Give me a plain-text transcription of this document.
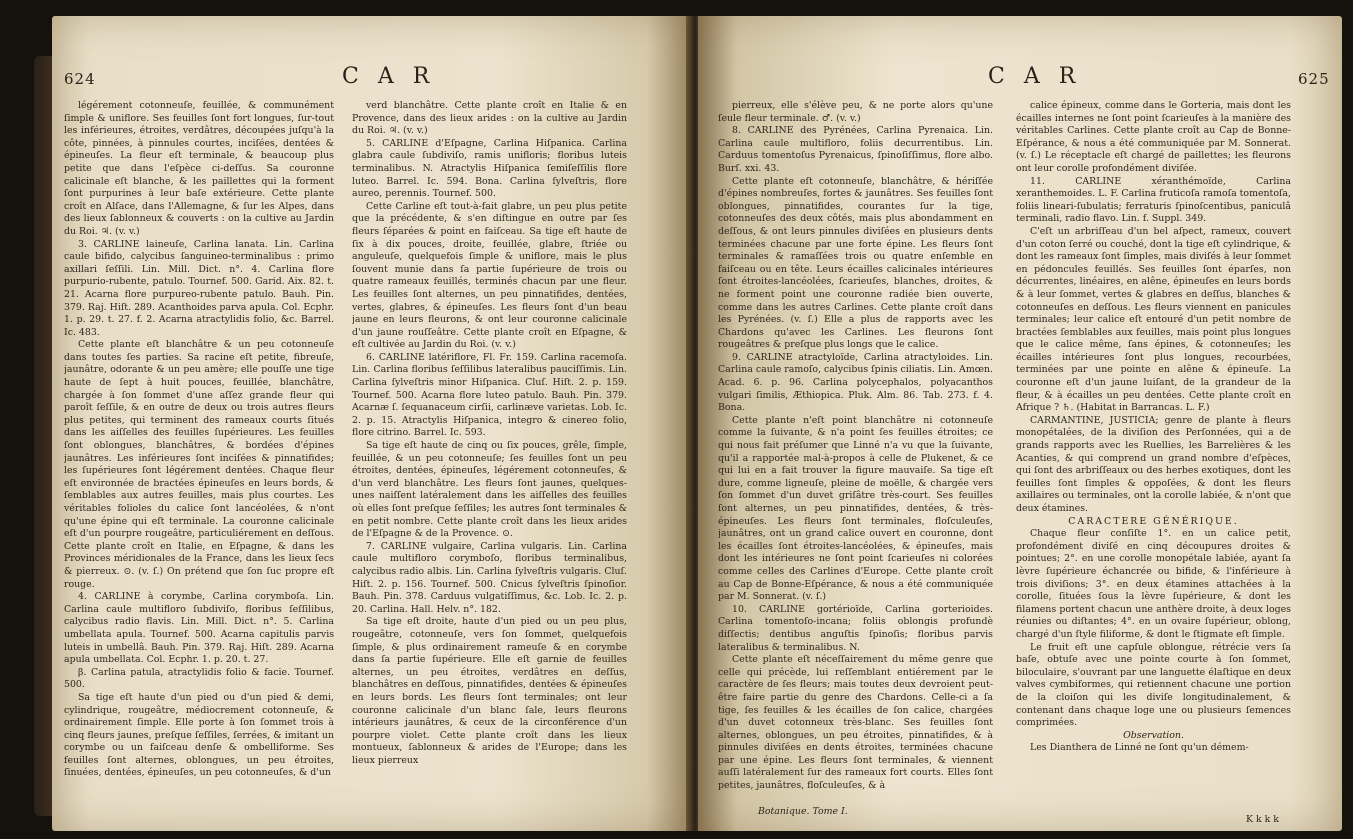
624	C A R

légérement cotonneuſe, feuillée, & communément ſimple & uniflore. Ses feuilles ſont fort longues, ſur-tout les inférieures, étroites, verdâtres, découpées juſqu'à la côte, pinnées, à pinnules courtes, inciſées, dentées & épineuſes. La fleur eſt terminale, & beaucoup plus petite que dans l'eſpèce ci-deſſus. Sa couronne calicinale eſt blanche, & les paillettes qui la forment ſont purpurines à leur baſe extérieure. Cette plante croît en Alſace, dans l'Allemagne, & ſur les Alpes, dans des lieux ſablonneux & couverts : on la cultive au Jardin du Roi. ♃. (v. v.)

3. CARLINE laineuſe, Carlina lanata. Lin. Carlina caule bifido, calycibus ſanguineo-terminalibus : primo axillari ſeſſili. Lin. Mill. Dict. n°. 4. Carlina flore purpurio-rubente, patulo. Tournef. 500. Garid. Aix. 82. t. 21. Acarna flore purpureo-rubente patulo. Bauh. Pin. 379. Raj. Hiſt. 289. Acanthoides parva apula. Col. Ecphr. 1. p. 29. t. 27. f. 2. Acarna atractylidis folio, &c. Barrel. Ic. 483.

Cette plante eſt blanchâtre & un peu cotonneuſe dans toutes ſes parties. Sa racine eſt petite, fibreuſe, jaunâtre, odorante & un peu amère; elle pouſſe une tige haute de ſept à huit pouces, feuillée, blanchâtre, chargée à ſon ſommet d'une aſſez grande fleur qui paroît ſeſſile, & en outre de deux ou trois autres fleurs plus petites, qui terminent des rameaux courts ſitués dans les aiſſelles des feuilles ſupérieures. Les feuilles ſont oblongues, blanchâtres, & bordées d'épines jaunâtres. Les inférieures ſont inciſées & pinnatifides; les ſupérieures ſont légérement dentées. Chaque fleur eſt environnée de bractées épineuſes en leurs bords, & ſemblables aux autres feuilles, mais plus courtes. Les véritables folioles du calice ſont lancéolées, & n'ont qu'une épine qui eſt terminale. La couronne calicinale eſt d'un pourpre rougeâtre, particuliérement en deſſous. Cette plante croît en Italie, en Eſpagne, & dans les Provinces méridionales de la France, dans les lieux ſecs & pierreux. ⊙. (v. ſ.) On prétend que ſon ſuc propre eſt rouge.

4. CARLINE à corymbe, Carlina corymboſa. Lin. Carlina caule multifloro ſubdiviſo, floribus ſeſſilibus, calycibus radio flavis. Lin. Mill. Dict. n°. 5. Carlina umbellata apula. Tournef. 500. Acarna capitulis parvis luteis in umbellâ. Bauh. Pin. 379. Raj. Hiſt. 289. Acarna apula umbellata. Col. Ecphr. 1. p. 20. t. 27.

β. Carlina patula, atractylidis folio & facie. Tournef. 500.

Sa tige eſt haute d'un pied ou d'un pied & demi, cylindrique, rougeâtre, médiocrement cotonneuſe, & ordinairement ſimple. Elle porte à ſon ſommet trois à cinq fleurs jaunes, preſque ſeſſiles, ſerrées, & imitant un corymbe ou un faiſceau denſe & ombelliforme. Ses feuilles ſont alternes, oblongues, un peu étroites, ſinuées, dentées, épineuſes, un peu cotonneuſes, & d'un

verd blanchâtre. Cette plante croît en Italie & en Provence, dans des lieux arides : on la cultive au Jardin du Roi. ♃. (v. v.)

5. CARLINE d'Eſpagne, Carlina Hiſpanica. Carlina glabra caule ſubdiviſo, ramis unifloris; floribus luteis terminalibus. N. Atractylis Hiſpanica ſemiſeſſilis flore luteo. Barrel. Ic. 594. Bona. Carlina ſylveſtris, flore aureo, perennis. Tournef. 500.

Cette Carline eſt tout-à-fait glabre, un peu plus petite que la précédente, & s'en diſtingue en outre par ſes fleurs ſéparées & point en faiſceau. Sa tige eſt haute de ſix à dix pouces, droite, feuillée, glabre, ſtriée ou anguleuſe, quelquefois ſimple & uniflore, mais le plus ſouvent munie dans ſa partie ſupérieure de trois ou quatre rameaux feuillés, terminés chacun par une fleur. Les feuilles ſont alternes, un peu pinnatifides, dentées, vertes, glabres, & épineuſes. Les fleurs ſont d'un beau jaune en leurs fleurons, & ont leur couronne calicinale d'un jaune rouſſeâtre. Cette plante croît en Eſpagne, & eſt cultivée au Jardin du Roi. (v. v.)

6. CARLINE latériflore, Fl. Fr. 159. Carlina racemoſa. Lin. Carlina floribus ſeſſilibus lateralibus pauciſſimis. Lin. Carlina ſylveſtris minor Hiſpanica. Cluſ. Hiſt. 2. p. 159. Tournef. 500. Acarna flore luteo patulo. Bauh. Pin. 379. Acarnæ ſ. ſequanaceum cirſii, carlinæve varietas. Lob. Ic. 2. p. 15. Atractylis Hiſpanica, integro & cinereo folio, flore citrino. Barrel. Ic. 593.

Sa tige eſt haute de cinq ou ſix pouces, grêle, ſimple, feuillée, & un peu cotonneuſe; ſes feuilles ſont un peu étroites, dentées, épineuſes, légérement cotonneuſes, & d'un verd blanchâtre. Les fleurs ſont jaunes, quelques-unes naiſſent latéralement dans les aiſſelles des feuilles où elles ſont preſque ſeſſiles; les autres ſont terminales & en petit nombre. Cette plante croît dans les lieux arides de l'Eſpagne & de la Provence. ⊙.

7. CARLINE vulgaire, Carlina vulgaris. Lin. Carlina caule multifloro corymboſo, floribus terminalibus, calycibus radio albis. Lin. Carlina ſylveſtris vulgaris. Cluſ. Hiſt. 2. p. 156. Tournef. 500. Cnicus ſylveſtris ſpinoſior. Bauh. Pin. 378. Carduus vulgatiſſimus, &c. Lob. Ic. 2. p. 20. Carlina. Hall. Helv. n°. 182.

Sa tige eſt droite, haute d'un pied ou un peu plus, rougeâtre, cotonneuſe, vers ſon ſommet, quelquefois ſimple, & plus ordinairement rameuſe & en corymbe dans ſa partie ſupérieure. Elle eſt garnie de feuilles alternes, un peu étroites, verdâtres en deſſus, blanchâtres en deſſous, pinnatifides, dentées & épineuſes en leurs bords. Les fleurs ſont terminales; ont leur couronne calicinale d'un blanc ſale, leurs fleurons intérieurs jaunâtres, & ceux de la circonférence d'un pourpre violet. Cette plante croît dans les lieux montueux, ſablonneux & arides de l'Europe; dans les lieux pierreux

C A R	625

pierreux, elle s'élève peu, & ne porte alors qu'une ſeule fleur terminale. ♂. (v. v.)

8. CARLINE des Pyrénées, Carlina Pyrenaica. Lin. Carlina caule multifloro, foliis decurrentibus. Lin. Carduus tomentoſus Pyrenaicus, ſpinoſiſſimus, flore albo. Burſ. xxi. 43.

Cette plante eſt cotonneuſe, blanchâtre, & hériſſée d'épines nombreuſes, fortes & jaunâtres. Ses feuilles ſont oblongues, pinnatifides, courantes ſur la tige, cotonneuſes des deux côtés, mais plus abondamment en deſſous, & ont leurs pinnules diviſées en plusieurs dents terminées chacune par une forte épine. Les fleurs ſont terminales & ramaſſées trois ou quatre enſemble en faiſceau ou en tête. Leurs écailles calicinales intérieures ſont étroites-lancéolées, ſcarieuſes, blanches, droites, & ne forment point une couronne radiée bien ouverte, comme dans les autres Carlines. Cette plante croît dans les Pyrénées. (v. ſ.) Elle a plus de rapports avec les Chardons qu'avec les Carlines. Les fleurons ſont rougeâtres & preſque plus longs que le calice.

9. CARLINE atractyloïde, Carlina atractyloides. Lin. Carlina caule ramoſo, calycibus ſpinis ciliatis. Lin. Amœn. Acad. 6. p. 96. Carlina polycephalos, polyacanthos vulgari ſimilis, Æthiopica. Pluk. Alm. 86. Tab. 273. f. 4. Bona.

Cette plante n'eſt point blanchâtre ni cotonneuſe comme la ſuivante, & n'a point ſes feuilles étroites; ce qui nous fait préſumer que Linné n'a vu que la ſuivante, qu'il a rapportée mal-à-propos à celle de Plukenet, & ce qui lui en a fait trouver la figure mauvaiſe. Sa tige eſt dure, comme ligneuſe, pleine de moëlle, & chargée vers ſon ſommet d'un duvet griſâtre très-court. Ses feuilles ſont alternes, un peu pinnatifides, dentées, & très-épineuſes. Les fleurs ſont terminales, floſculeuſes, jaunâtres, ont un grand calice ouvert en couronne, dont les écailles ſont étroites-lancéolées, & épineuſes, mais dont les intérieures ne ſont point ſcarieuſes ni colorées comme celles des Carlines d'Europe. Cette plante croît au Cap de Bonne-Eſpérance, & nous a été communiquée par M. Sonnerat. (v. ſ.)

10. CARLINE gortérioïde, Carlina gorterioides. Carlina tomentoſo-incana; foliis oblongis profundè diſſectis; dentibus anguſtis ſpinoſis; floribus parvis lateralibus & terminalibus. N.

Cette plante eſt néceſſairement du même genre que celle qui précède, lui reſſemblant entiérement par le caractère de ſes fleurs; mais toutes deux devroient peut-être faire partie du genre des Chardons. Celle-ci a ſa tige, ſes feuilles & les écailles de ſon calice, chargées d'un duvet cotonneux très-blanc. Ses feuilles ſont alternes, oblongues, un peu étroites, pinnatifides, & à pinnules diviſées en dents étroites, terminées chacune par une épine. Les fleurs ſont terminales, & viennent auſſi latéralement ſur des rameaux fort courts. Elles ſont petites, jaunâtres, floſculeuſes, & à

Botanique. Tome I.

calice épineux, comme dans le Gorteria, mais dont les écailles internes ne ſont point ſcarieuſes à la manière des véritables Carlines. Cette plante croît au Cap de Bonne-Eſpérance, & nous a été communiquée par M. Sonnerat. (v. ſ.) Le réceptacle eſt chargé de paillettes; les fleurons ont leur corolle profondément diviſée.

11. CARLINE xéranthémoïde, Carlina xeranthemoides. L. F. Carlina fruticoſa ramoſa tomentoſa, foliis lineari-ſubulatis; ferraturis ſpinoſcentibus, paniculâ terminali, radio flavo. Lin. f. Suppl. 349.

C'eſt un arbriſſeau d'un bel aſpect, rameux, couvert d'un coton ſerré ou couché, dont la tige eſt cylindrique, & dont les rameaux ſont ſimples, mais diviſés à leur ſommet en pédoncules feuillés. Ses feuilles ſont éparſes, non décurrentes, linéaires, en alêne, épineuſes en leurs bords & à leur ſommet, vertes & glabres en deſſus, blanches & cotonneuſes en deſſous. Les fleurs viennent en panicules terminales; leur calice eſt entouré d'un petit nombre de bractées ſemblables aux feuilles, mais point plus longues que le calice même, ſans épines, & cotonneuſes; les écailles intérieures ſont plus longues, recourbées, terminées par une pointe en alêne & épineuſe. La couronne eſt d'un jaune luiſant, de la grandeur de la fleur, & à écailles un peu dentées. Cette plante croît en Afrique ? ♄. (Habitat in Barrancas. L. F.)

CARMANTINE, JUSTICIA; genre de plante à fleurs monopétalées, de la diviſion des Perſonnées, qui a de grands rapports avec les Ruellies, les Barrelières & les Acanties, & qui comprend un grand nombre d'eſpèces, qui ſont des arbriſſeaux ou des herbes exotiques, dont les feuilles ſont ſimples & oppoſées, & dont les fleurs axillaires ou terminales, ont la corolle labiée, & n'ont que deux étamines.

CARACTERE GÉNÉRIQUE.

Chaque fleur conſiſte 1°. en un calice petit, profondément diviſé en cinq découpures droites & pointues; 2°. en une corolle monopétale labiée, ayant ſa lèvre ſupérieure échancrée ou bifide, & l'inférieure à trois diviſions; 3°. en deux étamines attachées à la corolle, ſituées ſous la lèvre ſupérieure, & dont les filamens portent chacun une anthère droite, à deux loges réunies ou diſtantes; 4°. en un ovaire ſupérieur, oblong, chargé d'un ſtyle filiforme, & dont le ſtigmate eſt ſimple.

Le fruit eſt une capſule oblongue, rétrécie vers ſa baſe, obtuſe avec une pointe courte à ſon ſommet, biloculaire, s'ouvrant par une languette élaſtique en deux valves cymbiformes, qui retiennent chacune une portion de la cloiſon qui les diviſe longitudinalement, & contenant dans chaque loge une ou plusieurs ſemences comprimées.

Observation.

Les Dianthera de Linné ne ſont qu'un démem-

K k k k
